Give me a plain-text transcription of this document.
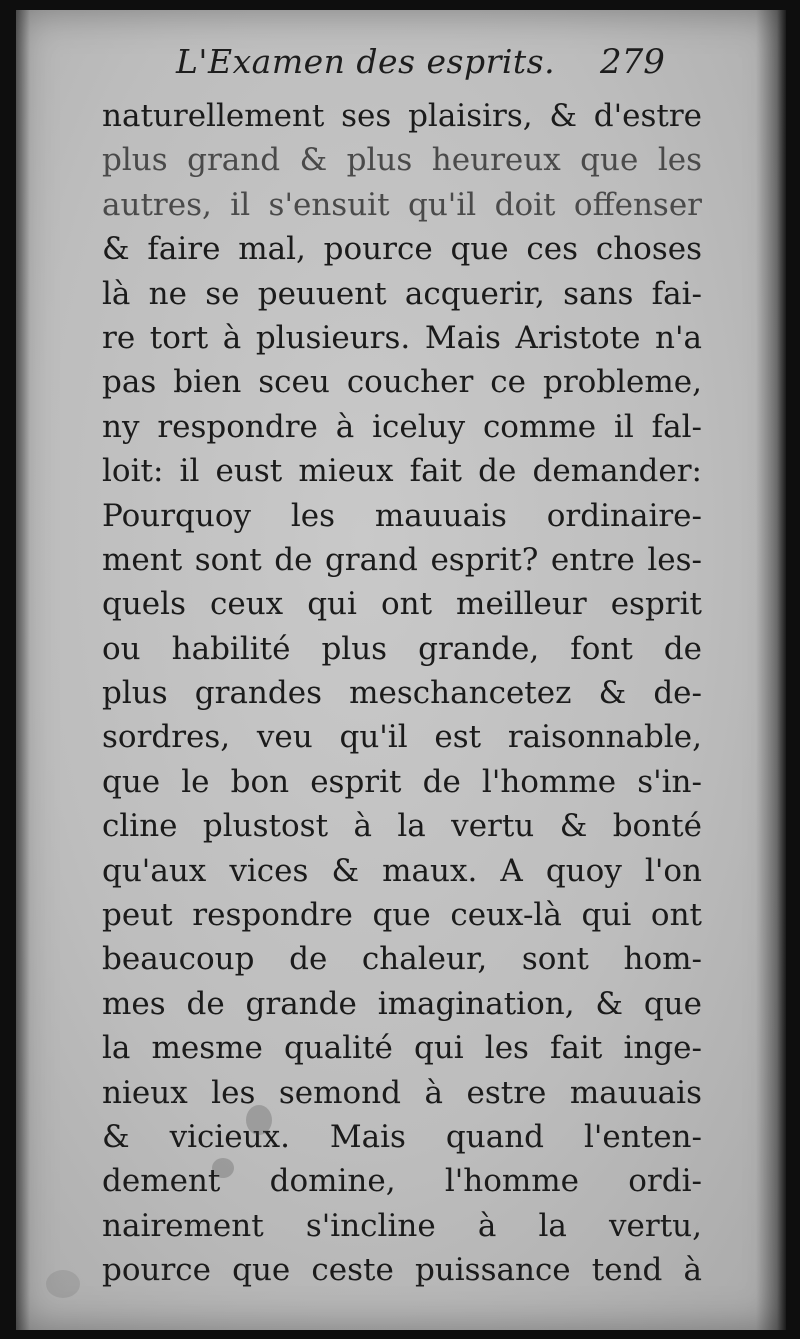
L'Examen des esprits. 279
naturellement ses plaisirs, & d'estre
plus grand & plus heureux que les
autres, il s'ensuit qu'il doit offenser
& faire mal, pource que ces choses
là ne se peuuent acquerir, sans fai-
re tort à plusieurs. Mais Aristote n'a
pas bien sceu coucher ce probleme,
ny respondre à iceluy comme il fal-
loit: il eust mieux fait de demander:
Pourquoy les mauuais ordinaire-
ment sont de grand esprit? entre les-
quels ceux qui ont meilleur esprit
ou habilité plus grande, font de
plus grandes meschancetez & de-
sordres, veu qu'il est raisonnable,
que le bon esprit de l'homme s'in-
cline plustost à la vertu & bonté
qu'aux vices & maux. A quoy l'on
peut respondre que ceux-là qui ont
beaucoup de chaleur, sont hom-
mes de grande imagination, & que
la mesme qualité qui les fait inge-
nieux les semond à estre mauuais
& vicieux. Mais quand l'enten-
dement domine, l'homme ordi-
nairement s'incline à la vertu,
pource que ceste puissance tend à
